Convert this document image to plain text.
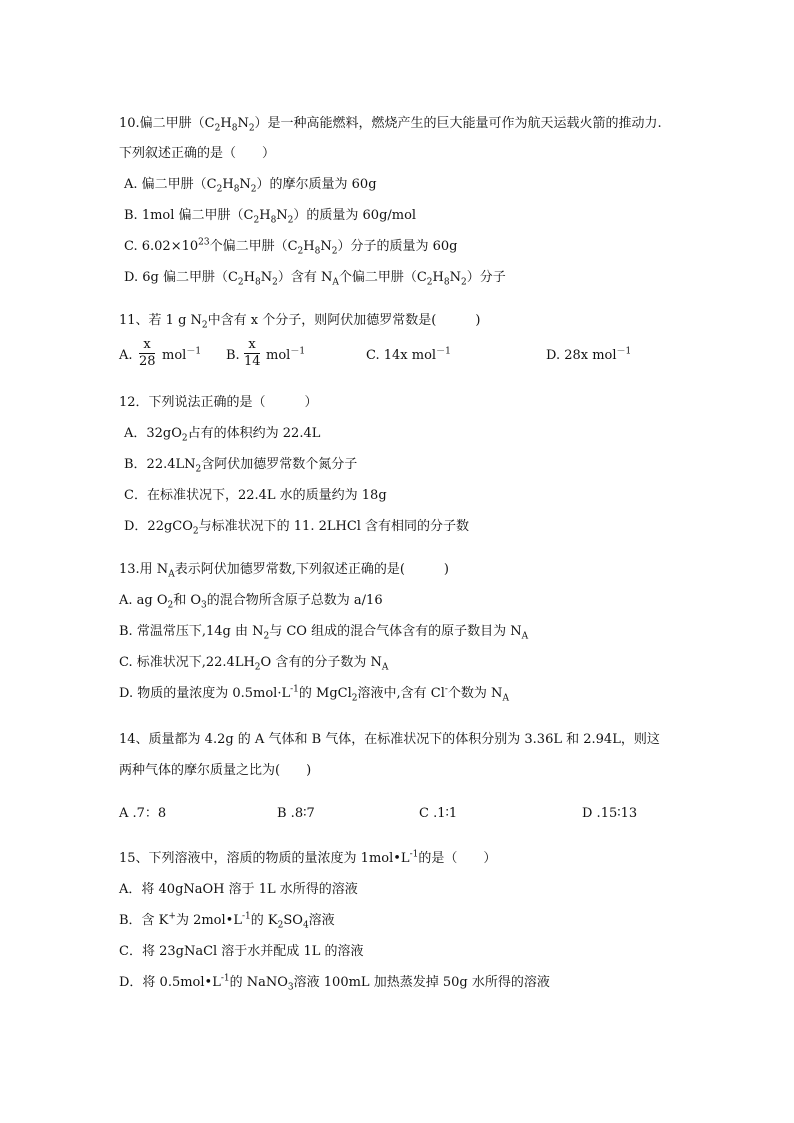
10.偏二甲肼$(C_2H_8N_2)$是一种高能燃料，燃烧产生的巨大能量可作为航天运载火箭的推动力.
下列叙述正确的是（　　）
A. 偏二甲肼$(C_2H_8N_2)$的摩尔质量为 60g
B. 1mol 偏二甲肼$(C_2H_8N_2)$的质量为 60g/mol
C. $6.02\times 10^{23}$个偏二甲肼$(C_2H_8N_2)$分子的质量为 60g
D. 6g 偏二甲肼$(C_2H_8N_2)$含有 $N_A$个偏二甲肼$(C_2H_8N_2)$分子
11、若 1 g $N_2$中含有 x 个分子，则阿伏加德罗常数是(　　　)
A.
x
28 mol$^{-1}$ B.
x
14 mol$^{-1}$	C. 14x mol$^{-1}$	D. 28x mol$^{-1}$
12．下列说法正确的是（　　　）
A．$32gO_2$占有的体积约为 22.4L
B．$22.4LN_2$含阿伏加德罗常数个氮分子
C．在标准状况下，22.4L 水的质量约为 18g
D．22gCO$_2$与标准状况下的 11. 2LHCl 含有相同的分子数
13.用 $N_A$表示阿伏加德罗常数,下列叙述正确的是(　　　)
A. ag $O_2$和 $O_3$的混合物所含原子总数为 a/16
B. 常温常压下,14g 由 $N_2$与 CO 组成的混合气体含有的原子数目为 $N_A$
C. 标准状况下$,22.4LH_2O$ 含有的分子数为 $N_A$
D. 物质的量浓度为 $0.5mol\cdot L^{-1}$的 MgCl$_2$溶液中,含有 Cl-个数为 $N_A$
14、质量都为 4.2g 的 A 气体和 B 气体，在标准状况下的体积分别为 3.36L 和 2.94L，则这
两种气体的摩尔质量之比为(　　)
A .7：8	B .8∶7	C .1∶1	D .15∶13
15、下列溶液中，溶质的物质的量浓度为 $1mol•L^{-1}$的是（　　）
A．将 40gNaOH 溶于 1L 水所得的溶液
B．含 K+为 $2mol•L^{-1}$的 $K_2SO_4$溶液
C．将 23gNaCl 溶于水并配成 1L 的溶液
D．将 $0.5mol•L^{-1}$的 NaNO$_3$溶液 100mL 加热蒸发掉 50g 水所得的溶液
